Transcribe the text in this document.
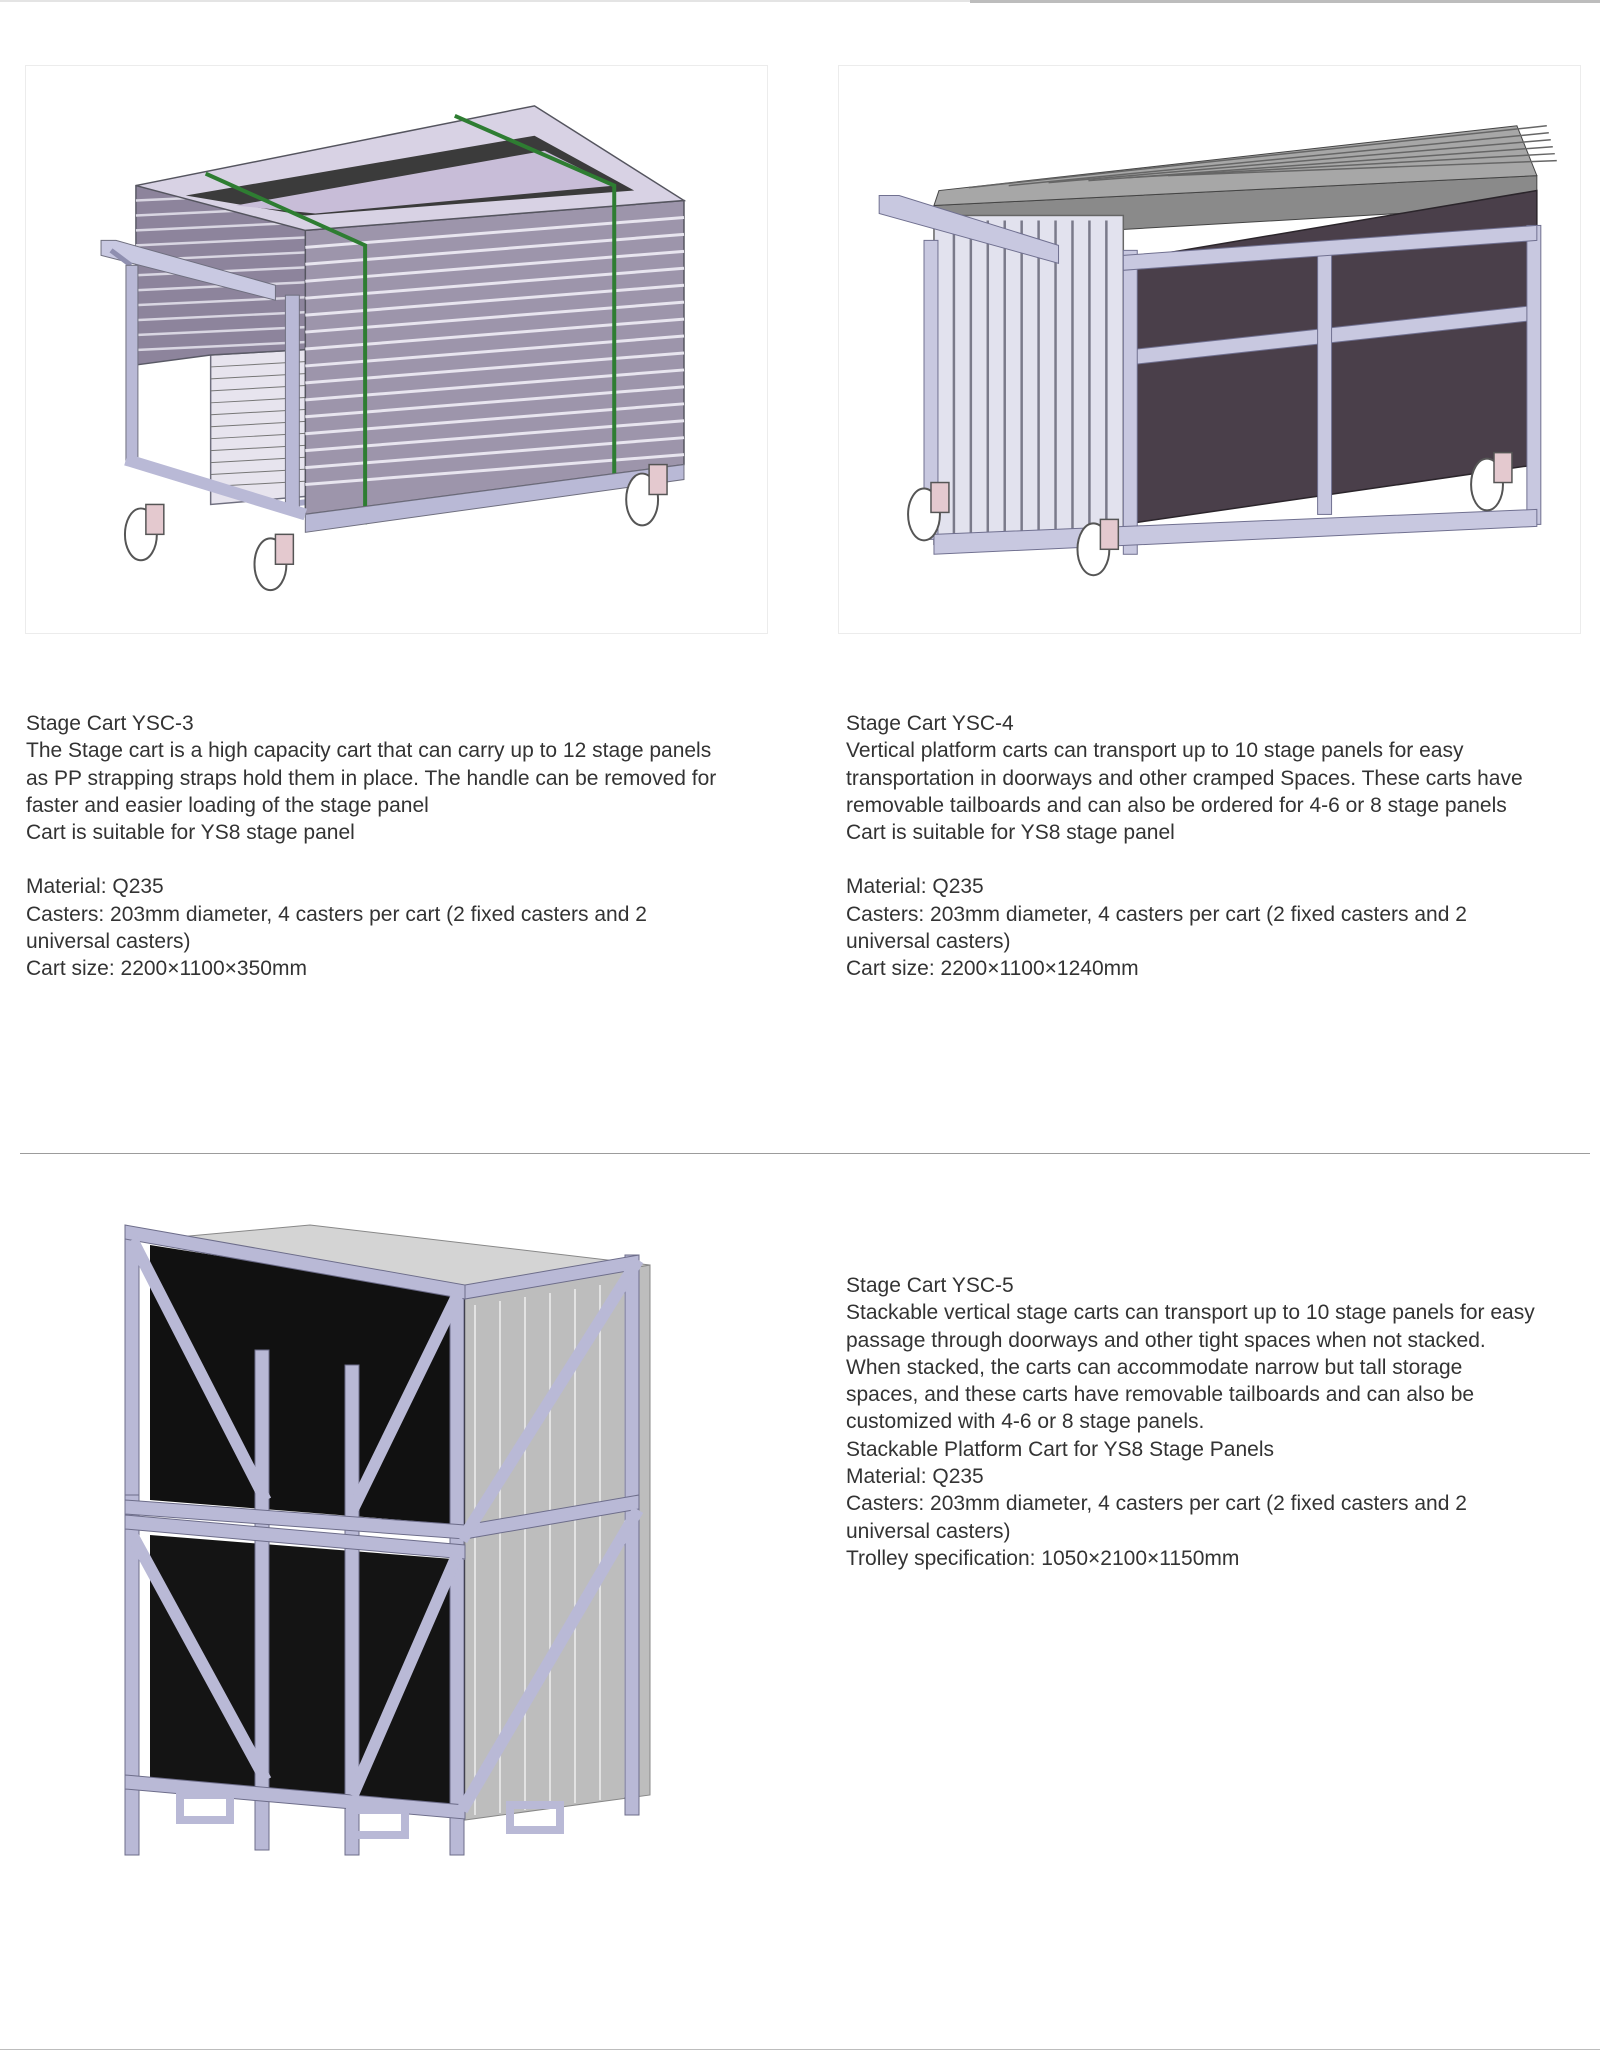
Stage Cart YSC-3

The Stage cart is a high capacity cart that can carry up to 12 stage panels

as PP strapping straps hold them in place. The handle can be removed for

faster and easier loading of the stage panel

Cart is suitable for YS8 stage panel

Material: Q235

Casters: 203mm diameter, 4 casters per cart (2 fixed casters and 2

universal casters)

Cart size: 2200×1100×350mm

Stage Cart YSC-4

Vertical platform carts can transport up to 10 stage panels for easy

transportation in doorways and other cramped Spaces. These carts have

removable tailboards and can also be ordered for 4-6 or 8 stage panels

Cart is suitable for YS8 stage panel

Material: Q235

Casters: 203mm diameter, 4 casters per cart (2 fixed casters and 2

universal casters)

Cart size: 2200×1100×1240mm

Stage Cart YSC-5

Stackable vertical stage carts can transport up to 10 stage panels for easy

passage through doorways and other tight spaces when not stacked.

When stacked, the carts can accommodate narrow but tall storage

spaces, and these carts have removable tailboards and can also be

customized with 4-6 or 8 stage panels.

Stackable Platform Cart for YS8 Stage Panels

Material: Q235

Casters: 203mm diameter, 4 casters per cart (2 fixed casters and 2

universal casters)

Trolley specification: 1050×2100×1150mm
